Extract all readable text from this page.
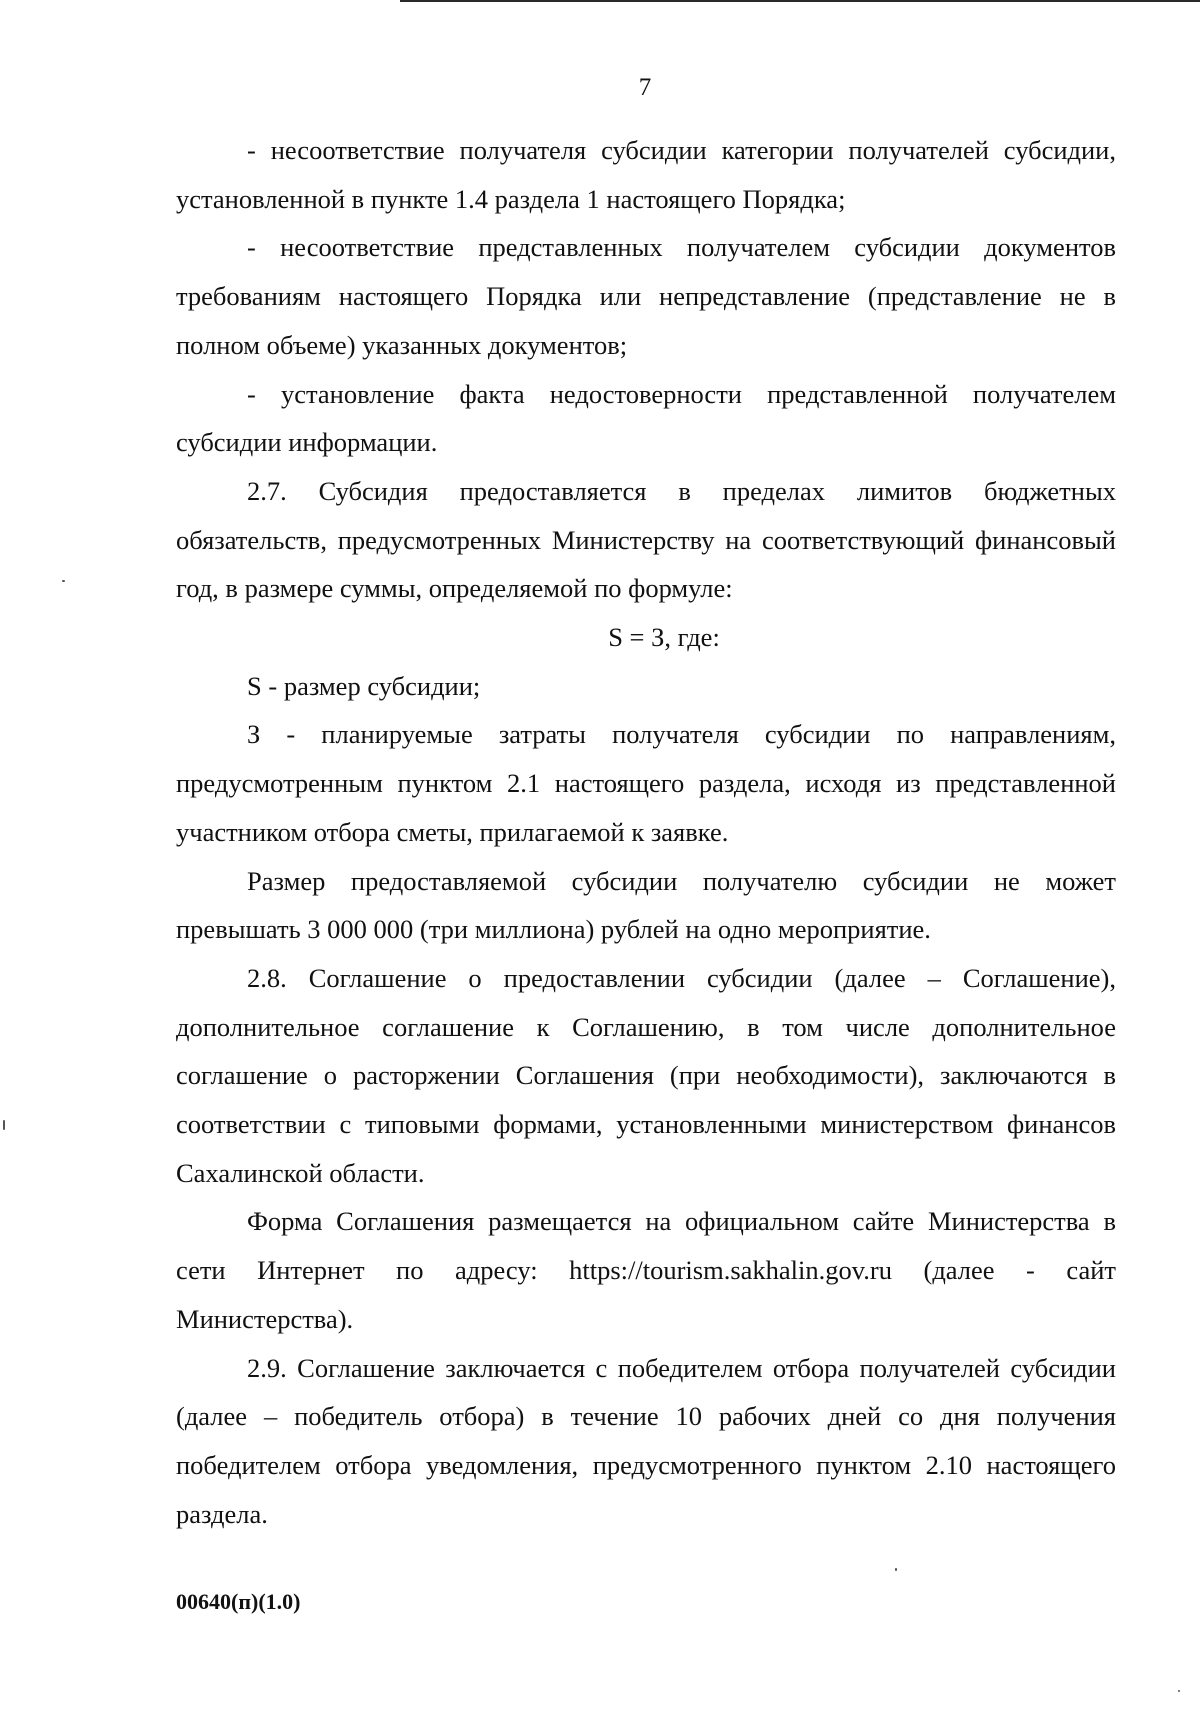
7

- несоответствие получателя субсидии категории получателей субсидии, установленной в пункте 1.4 раздела 1 настоящего Порядка;

- несоответствие представленных получателем субсидии документов требованиям настоящего Порядка или непредставление (представление не в полном объеме) указанных документов;

- установление факта недостоверности представленной получателем субсидии информации.

2.7. Субсидия предоставляется в пределах лимитов бюджетных обязательств, предусмотренных Министерству на соответствующий финансовый год, в размере суммы, определяемой по формуле:

S = З, где:

S - размер субсидии;

З - планируемые затраты получателя субсидии по направлениям, предусмотренным пунктом 2.1 настоящего раздела, исходя из представленной участником отбора сметы, прилагаемой к заявке.

Размер предоставляемой субсидии получателю субсидии не может превышать 3 000 000 (три миллиона) рублей на одно мероприятие.

2.8. Соглашение о предоставлении субсидии (далее – Соглашение), дополнительное соглашение к Соглашению, в том числе дополнительное соглашение о расторжении Соглашения (при необходимости), заключаются в соответствии с типовыми формами, установленными министерством финансов Сахалинской области.

Форма Соглашения размещается на официальном сайте Министерства в сети Интернет по адресу: https://tourism.sakhalin.gov.ru (далее - сайт Министерства).

2.9. Соглашение заключается с победителем отбора получателей субсидии (далее – победитель отбора) в течение 10 рабочих дней со дня получения победителем отбора уведомления, предусмотренного пунктом 2.10 настоящего раздела.

00640(п)(1.0)
